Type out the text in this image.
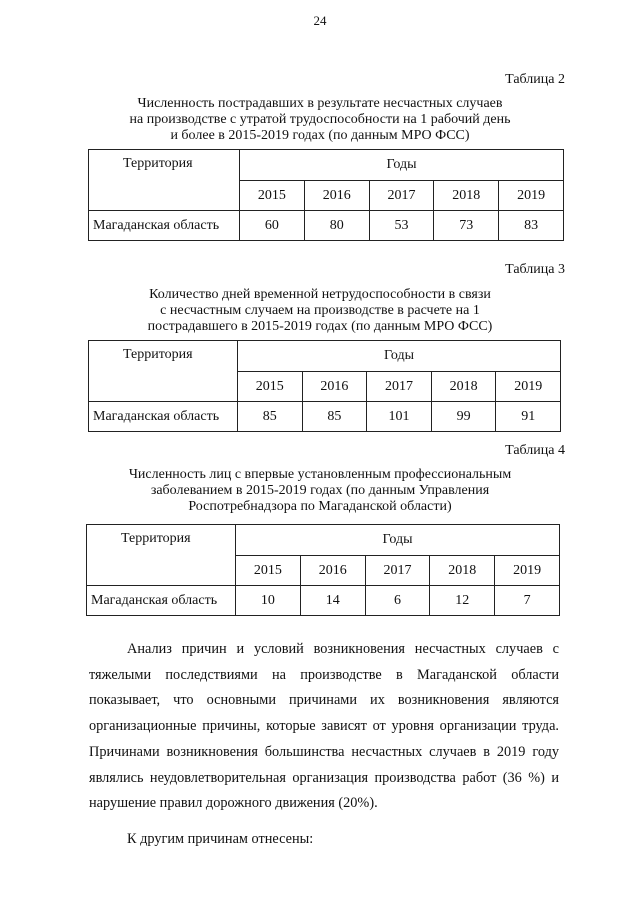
24
Таблица 2
Численность пострадавших в результате несчастных случаев
на производстве с утратой трудоспособности на 1 рабочий день
и более в 2015-2019 годах (по данным МРО ФСС)
Территория	Годы				
	2015	2016	2017	2018	2019
Магаданская область	60	80	53	73	83
Таблица 3
Количество дней временной нетрудоспособности в связи
с несчастным случаем на производстве в расчете на 1
пострадавшего в 2015-2019 годах (по данным МРО ФСС)
Территория	Годы				
	2015	2016	2017	2018	2019
Магаданская область	85	85	101	99	91
Таблица 4
Численность лиц с впервые установленным профессиональным
заболеванием в 2015-2019 годах (по данным Управления
Роспотребнадзора по Магаданской области)
Территория	Годы				
	2015	2016	2017	2018	2019
Магаданская область	10	14	6	12	7
Анализ причин и условий возникновения несчастных случаев с тяжелыми последствиями на производстве в Магаданской области показывает, что основными причинами их возникновения являются организационные причины, которые зависят от уровня организации труда. Причинами возникновения большинства несчастных случаев в 2019 году являлись неудовлетворительная организация производства работ (36 %) и нарушение правил дорожного движения (20%).
К другим причинам отнесены:
